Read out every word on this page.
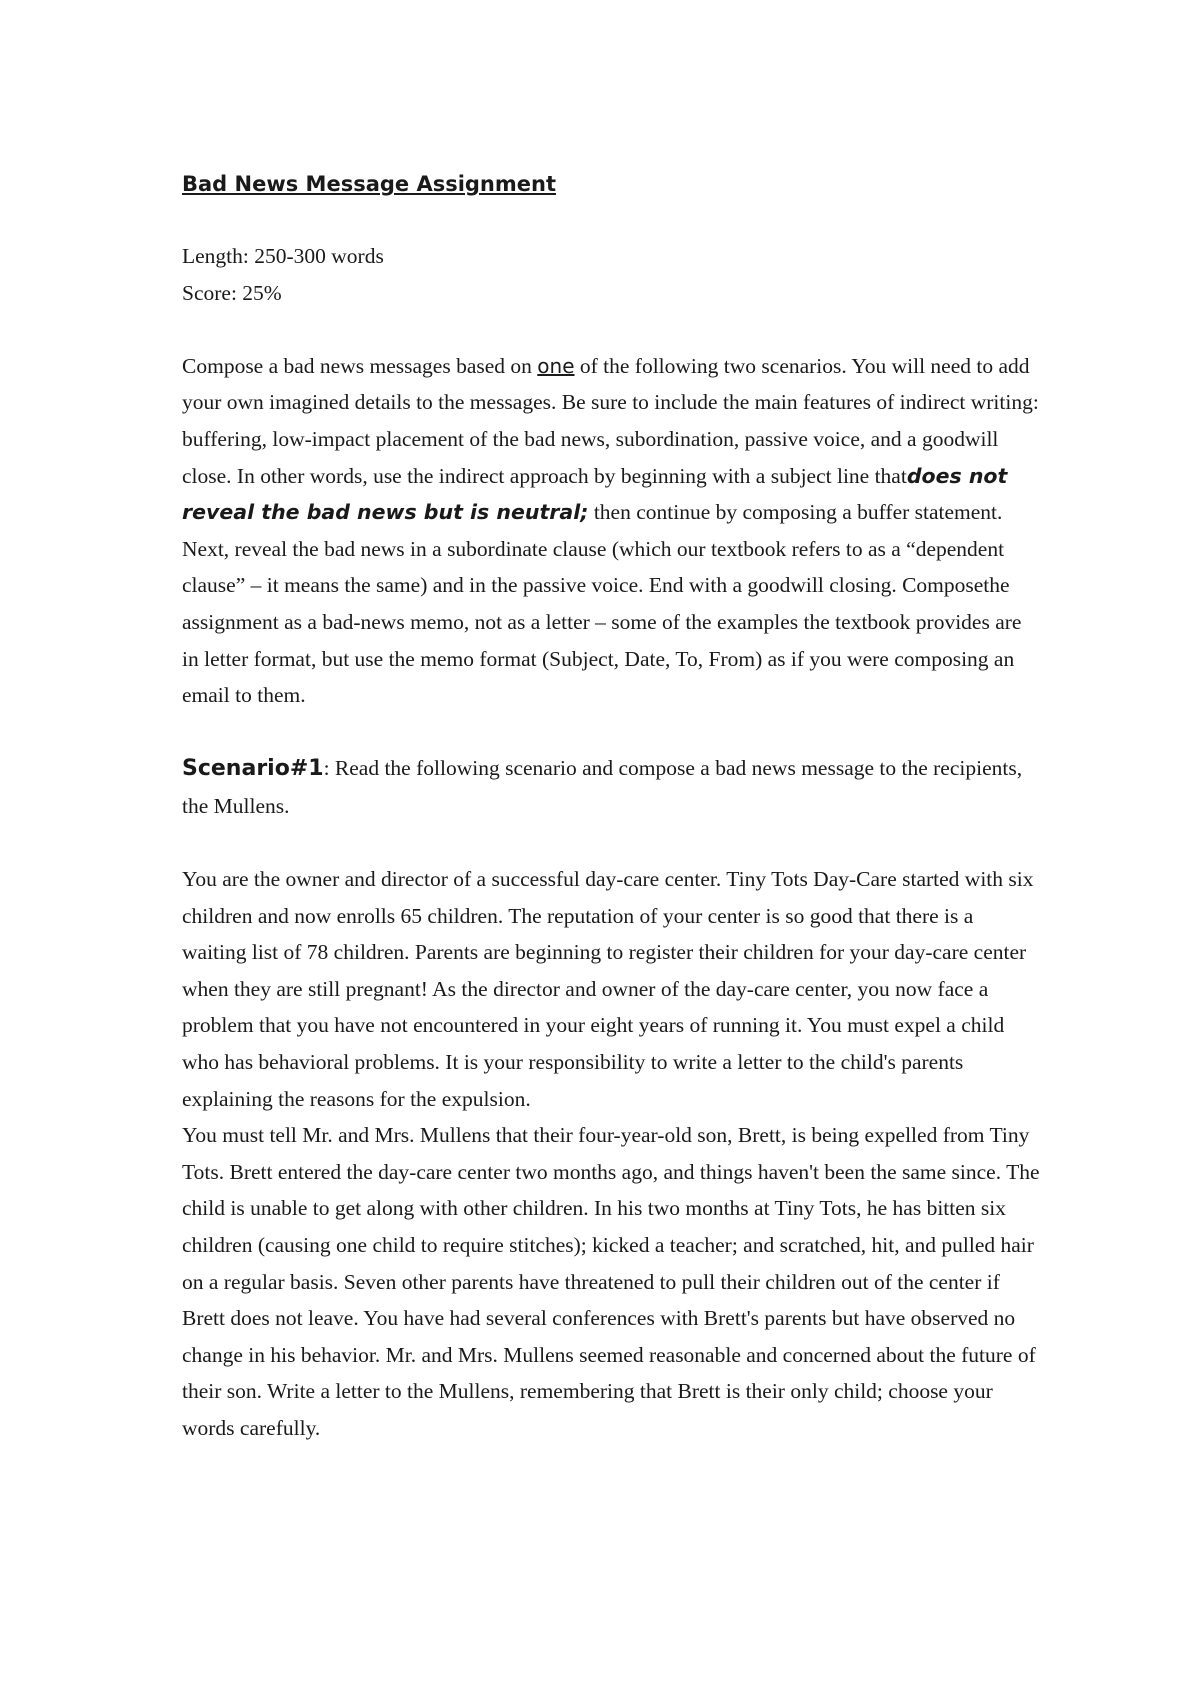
Bad News Message Assignment

Length: 250-300 words

Score: 25%

Compose a bad news messages based on one of the following two scenarios. You will need to add your own imagined details to the messages. Be sure to include the main features of indirect writing: buffering, low-impact placement of the bad news, subordination, passive voice, and a goodwill close. In other words, use the indirect approach by beginning with a subject line thatdoes not reveal the bad news but is neutral; then continue by composing a buffer statement. Next, reveal the bad news in a subordinate clause (which our textbook refers to as a “dependent clause” – it means the same) and in the passive voice. End with a goodwill closing. Composethe assignment as a bad-news memo, not as a letter – some of the examples the textbook provides are in letter format, but use the memo format (Subject, Date, To, From) as if you were composing an email to them.

Scenario#1: Read the following scenario and compose a bad news message to the recipients, the Mullens.

You are the owner and director of a successful day-care center. Tiny Tots Day-Care started with six children and now enrolls 65 children. The reputation of your center is so good that there is a waiting list of 78 children. Parents are beginning to register their children for your day-care center when they are still pregnant! As the director and owner of the day-care center, you now face a problem that you have not encountered in your eight years of running it. You must expel a child who has behavioral problems. It is your responsibility to write a letter to the child's parents explaining the reasons for the expulsion.

You must tell Mr. and Mrs. Mullens that their four-year-old son, Brett, is being expelled from Tiny Tots. Brett entered the day-care center two months ago, and things haven't been the same since. The child is unable to get along with other children. In his two months at Tiny Tots, he has bitten six children (causing one child to require stitches); kicked a teacher; and scratched, hit, and pulled hair on a regular basis. Seven other parents have threatened to pull their children out of the center if Brett does not leave. You have had several conferences with Brett's parents but have observed no change in his behavior. Mr. and Mrs. Mullens seemed reasonable and concerned about the future of their son. Write a letter to the Mullens, remembering that Brett is their only child; choose your words carefully.
